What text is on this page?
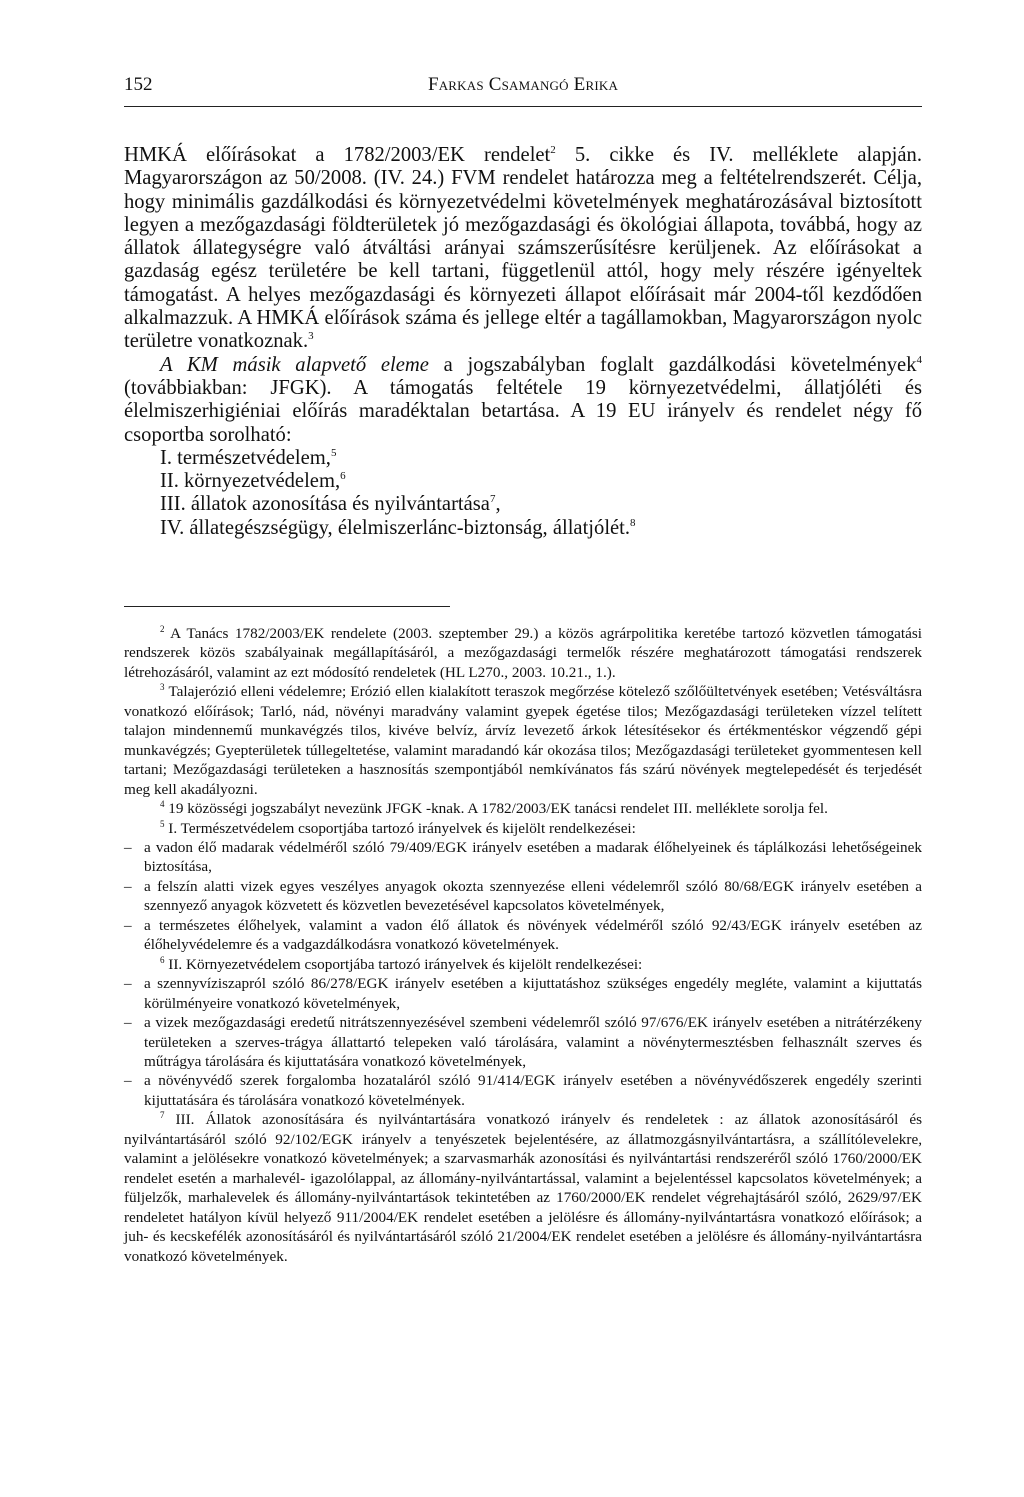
152	Farkas Csamangó Erika

HMKÁ előírásokat a 1782/2003/EK rendelet$^2$ 5. cikke és IV. melléklete alapján. Magyarországon az 50/2008. (IV. 24.) FVM rendelet határozza meg a feltételrendszerét. Célja, hogy minimális gazdálkodási és környezetvédelmi követelmények meghatározásával biztosított legyen a mezőgazdasági földterületek jó mezőgazdasági és ökológiai állapota, továbbá, hogy az állatok állategységre való átváltási arányai számszerűsítésre kerüljenek. Az előírásokat a gazdaság egész területére be kell tartani, függetlenül attól, hogy mely részére igényeltek támogatást. A helyes mezőgazdasági és környezeti állapot előírásait már 2004-től kezdődően alkalmazzuk. A HMKÁ előírások száma és jellege eltér a tagállamokban, Magyarországon nyolc területre vonatkoznak.$^3$

A KM másik alapvető eleme a jogszabályban foglalt gazdálkodási követelmények$^4$ (továbbiakban: JFGK). A támogatás feltétele 19 környezetvédelmi, állatjóléti és élelmiszerhigiéniai előírás maradéktalan betartása. A 19 EU irányelv és rendelet négy fő csoportba sorolható:

I. természetvédelem,$^5$
II. környezetvédelem,$^6$
III. állatok azonosítása és nyilvántartása$^7$,
IV. állategészségügy, élelmiszerlánc-biztonság, állatjólét.$^8$

$^2$ A Tanács 1782/2003/EK rendelete (2003. szeptember 29.) a közös agrárpolitika keretébe tartozó közvetlen támogatási rendszerek közös szabályainak megállapításáról, a mezőgazdasági termelők részére meghatározott támogatási rendszerek létrehozásáról, valamint az ezt módosító rendeletek (HL L270., 2003. 10.21., 1.).

$^3$ Talajerózió elleni védelemre; Erózió ellen kialakított teraszok megőrzése kötelező szőlőültetvények esetében; Vetésváltásra vonatkozó előírások; Tarló, nád, növényi maradvány valamint gyepek égetése tilos; Mezőgazdasági területeken vízzel telített talajon mindennemű munkavégzés tilos, kivéve belvíz, árvíz levezető árkok létesítésekor és értékmentéskor végzendő gépi munkavégzés; Gyepterületek túllegeltetése, valamint maradandó kár okozása tilos; Mezőgazdasági területeket gyommentesen kell tartani; Mezőgazdasági területeken a hasznosítás szempontjából nemkívánatos fás szárú növények megtelepedését és terjedését meg kell akadályozni.

$^4$ 19 közösségi jogszabályt nevezünk JFGK -knak. A 1782/2003/EK tanácsi rendelet III. melléklete sorolja fel.

$^5$ I. Természetvédelem csoportjába tartozó irányelvek és kijelölt rendelkezései:

– a vadon élő madarak védelméről szóló 79/409/EGK irányelv esetében a madarak élőhelyeinek és táplálkozási lehetőségeinek biztosítása,

– a felszín alatti vizek egyes veszélyes anyagok okozta szennyezése elleni védelemről szóló 80/68/EGK irányelv esetében a szennyező anyagok közvetett és közvetlen bevezetésével kapcsolatos követelmények,

– a természetes élőhelyek, valamint a vadon élő állatok és növények védelméről szóló 92/43/EGK irányelv esetében az élőhelyvédelemre és a vadgazdálkodásra vonatkozó követelmények.

$^6$ II. Környezetvédelem csoportjába tartozó irányelvek és kijelölt rendelkezései:

– a szennyvíziszapról szóló 86/278/EGK irányelv esetében a kijuttatáshoz szükséges engedély megléte, valamint a kijuttatás körülményeire vonatkozó követelmények,

– a vizek mezőgazdasági eredetű nitrátszennyezésével szembeni védelemről szóló 97/676/EK irányelv esetében a nitrátérzékeny területeken a szerves-trágya állattartó telepeken való tárolására, valamint a növénytermesztésben felhasznált szerves és műtrágya tárolására és kijuttatására vonatkozó követelmények,

– a növényvédő szerek forgalomba hozataláról szóló 91/414/EGK irányelv esetében a növényvédőszerek engedély szerinti kijuttatására és tárolására vonatkozó követelmények.

$^7$ III. Állatok azonosítására és nyilvántartására vonatkozó irányelv és rendeletek : az állatok azonosításáról és nyilvántartásáról szóló 92/102/EGK irányelv a tenyészetek bejelentésére, az állatmozgásnyilvántartásra, a szállítólevelekre, valamint a jelölésekre vonatkozó követelmények; a szarvasmarhák azonosítási és nyilvántartási rendszeréről szóló 1760/2000/EK rendelet esetén a marhalevél- igazolólappal, az állomány-nyilvántartással, valamint a bejelentéssel kapcsolatos követelmények; a füljelzők, marhalevelek és állomány-nyilvántartások tekintetében az 1760/2000/EK rendelet végrehajtásáról szóló, 2629/97/EK rendeletet hatályon kívül helyező 911/2004/EK rendelet esetében a jelölésre és állomány-nyilvántartásra vonatkozó előírások; a juh- és kecskefélék azonosításáról és nyilvántartásáról szóló 21/2004/EK rendelet esetében a jelölésre és állomány-nyilvántartásra vonatkozó követelmények.
